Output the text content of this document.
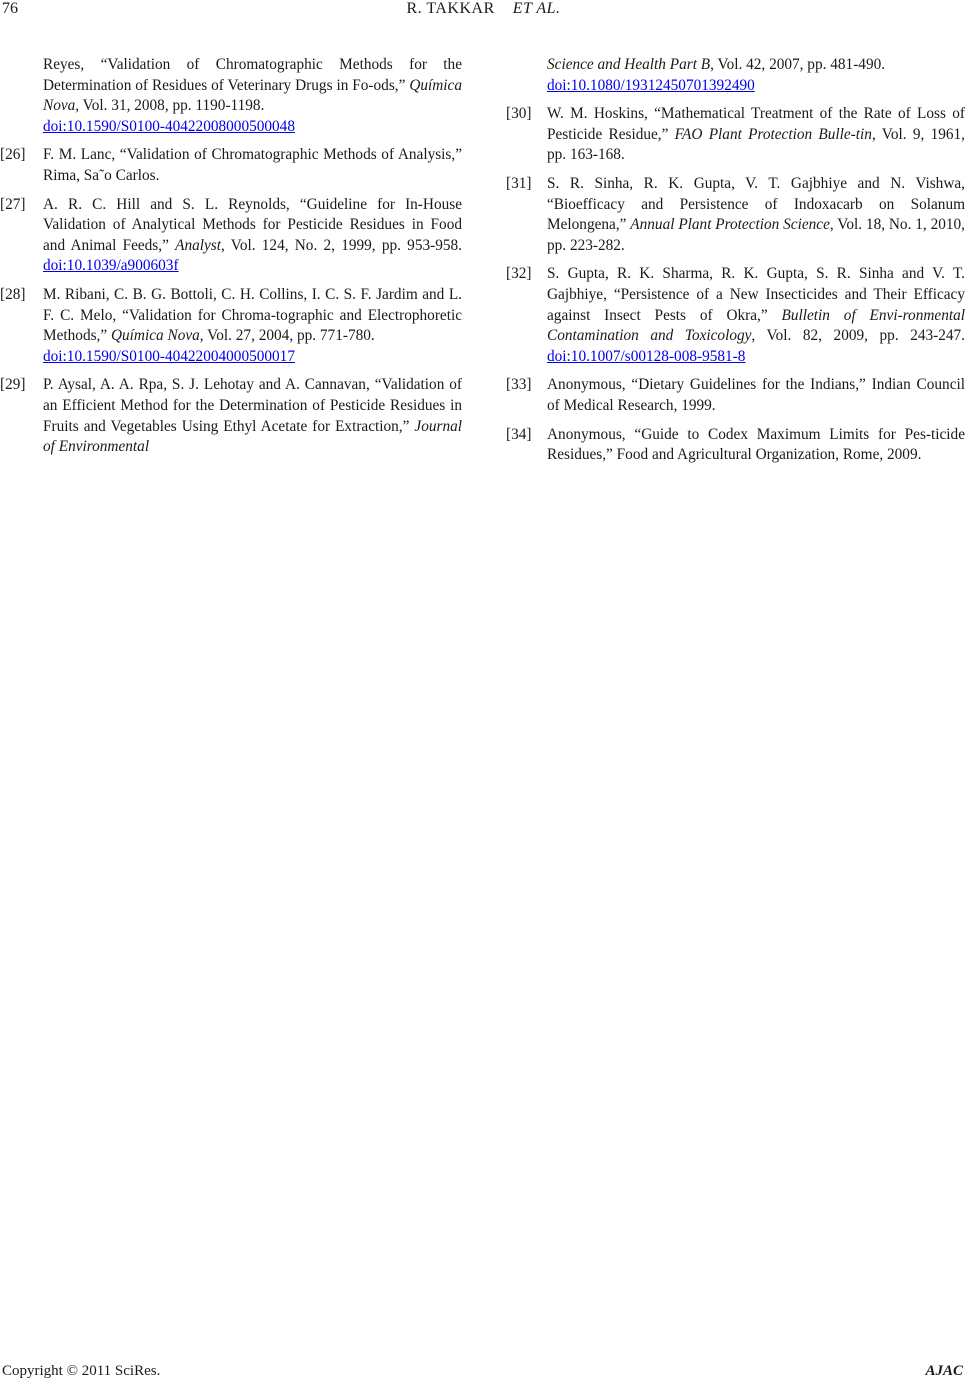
76	R. TAKKAR ET AL.
Reyes, “Validation of Chromatographic Methods for the Determination of Residues of Veterinary Drugs in Fo-ods,” Química Nova, Vol. 31, 2008, pp. 1190-1198.
doi:10.1590/S0100-40422008000500048
[26]	F. M. Lanc, “Validation of Chromatographic Methods of Analysis,” Rima, Sa˜o Carlos.
[27]	A. R. C. Hill and S. L. Reynolds, “Guideline for In-House Validation of Analytical Methods for Pesticide Residues in Food and Animal Feeds,” Analyst, Vol. 124, No. 2, 1999, pp. 953-958. doi:10.1039/a900603f
[28]	M. Ribani, C. B. G. Bottoli, C. H. Collins, I. C. S. F. Jardim and L. F. C. Melo, “Validation for Chroma-tographic and Electrophoretic Methods,” Química Nova, Vol. 27, 2004, pp. 771-780.
doi:10.1590/S0100-40422004000500017
[29]	P. Aysal, A. A. Rpa, S. J. Lehotay and A. Cannavan, “Validation of an Efficient Method for the Determination of Pesticide Residues in Fruits and Vegetables Using Ethyl Acetate for Extraction,” Journal of Environmental
Science and Health Part B, Vol. 42, 2007, pp. 481-490.
doi:10.1080/19312450701392490
[30]	W. M. Hoskins, “Mathematical Treatment of the Rate of Loss of Pesticide Residue,” FAO Plant Protection Bulle-tin, Vol. 9, 1961, pp. 163-168.
[31]	S. R. Sinha, R. K. Gupta, V. T. Gajbhiye and N. Vishwa, “Bioefficacy and Persistence of Indoxacarb on Solanum Melongena,” Annual Plant Protection Science, Vol. 18, No. 1, 2010, pp. 223-282.
[32]	S. Gupta, R. K. Sharma, R. K. Gupta, S. R. Sinha and V. T. Gajbhiye, “Persistence of a New Insecticides and Their Efficacy against Insect Pests of Okra,” Bulletin of Envi-ronmental Contamination and Toxicology, Vol. 82, 2009, pp. 243-247. doi:10.1007/s00128-008-9581-8
[33]	Anonymous, “Dietary Guidelines for the Indians,” Indian Council of Medical Research, 1999.
[34]	Anonymous, “Guide to Codex Maximum Limits for Pes-ticide Residues,” Food and Agricultural Organization, Rome, 2009.
Copyright © 2011 SciRes.	AJAC
